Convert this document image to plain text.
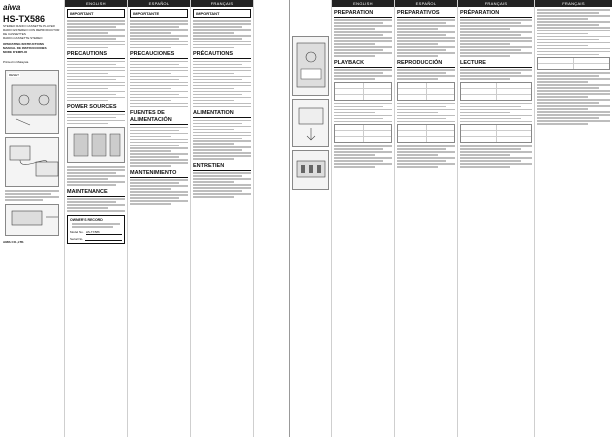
aiwa
HS-TX586
STEREO RADIO CASSETTE PLAYER
RADIO ESTEREO CON REPRODUCTOR DE CASSETTES
RADIO-CASSETTE STEREO
OPERATING INSTRUCTIONS
MANUAL DE INSTRUCCIONES
MODE D'EMPLOI
Printed in Malaysia
RESET
AIWA CO.,LTD.
ENGLISH
IMPORTANT
PRECAUTIONS
POWER SOURCES
MAINTENANCE
OWNER'S RECORD
Model No. HS-TX586
Serial No.
ESPAÑOL
IMPORTANTE
PRECAUCIONES
FUENTES DE ALIMENTACIÓN
MANTENIMIENTO
FRANÇAIS
IMPORTANT
PRÉCAUTIONS
ALIMENTATION
ENTRETIEN
ENGLISH
PREPARATION
PLAYBACK
ESPAÑOL
PREPARATIVOS
REPRODUCCIÓN
FRANÇAIS
PRÉPARATION
LECTURE
FRANÇAIS
